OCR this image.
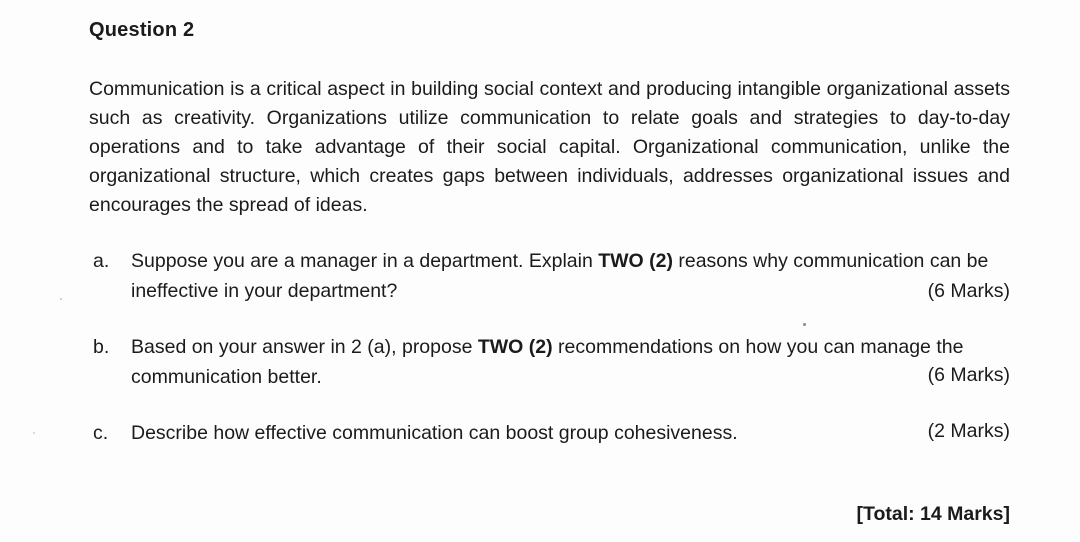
Question 2
Communication is a critical aspect in building social context and producing intangible organizational assets such as creativity. Organizations utilize communication to relate goals and strategies to day-to-day operations and to take advantage of their social capital. Organizational communication, unlike the organizational structure, which creates gaps between individuals, addresses organizational issues and encourages the spread of ideas.
a. Suppose you are a manager in a department. Explain TWO (2) reasons why communication can be ineffective in your department?	(6 Marks)
b. Based on your answer in 2 (a), propose TWO (2) recommendations on how you can manage the communication better.	(6 Marks)
c. Describe how effective communication can boost group cohesiveness.	(2 Marks)
[Total: 14 Marks]
